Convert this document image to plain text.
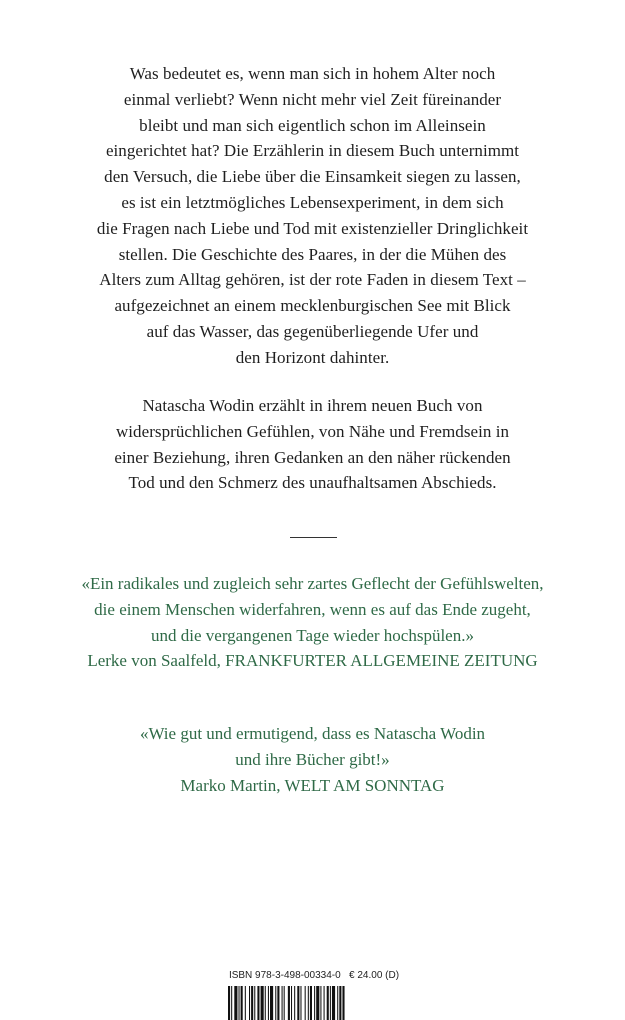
Was bedeutet es, wenn man sich in hohem Alter noch
einmal verliebt? Wenn nicht mehr viel Zeit füreinander
bleibt und man sich eigentlich schon im Alleinsein
eingerichtet hat? Die Erzählerin in diesem Buch unternimmt
den Versuch, die Liebe über die Einsamkeit siegen zu lassen,
es ist ein letztmögliches Lebensexperiment, in dem sich
die Fragen nach Liebe und Tod mit existenzieller Dringlichkeit
stellen. Die Geschichte des Paares, in der die Mühen des
Alters zum Alltag gehören, ist der rote Faden in diesem Text –
aufgezeichnet an einem mecklenburgischen See mit Blick
auf das Wasser, das gegenüberliegende Ufer und
den Horizont dahinter.
Natascha Wodin erzählt in ihrem neuen Buch von
widersprüchlichen Gefühlen, von Nähe und Fremdsein in
einer Beziehung, ihren Gedanken an den näher rückenden
Tod und den Schmerz des unaufhaltsamen Abschieds.
«Ein radikales und zugleich sehr zartes Geflecht der Gefühlswelten,
die einem Menschen widerfahren, wenn es auf das Ende zugeht,
und die vergangenen Tage wieder hochspülen.»
Lerke von Saalfeld, FRANKFURTER ALLGEMEINE ZEITUNG
«Wie gut und ermutigend, dass es Natascha Wodin
und ihre Bücher gibt!»
Marko Martin, WELT AM SONNTAG
ISBN 978-3-498-00334-0 € 24.00 (D)
